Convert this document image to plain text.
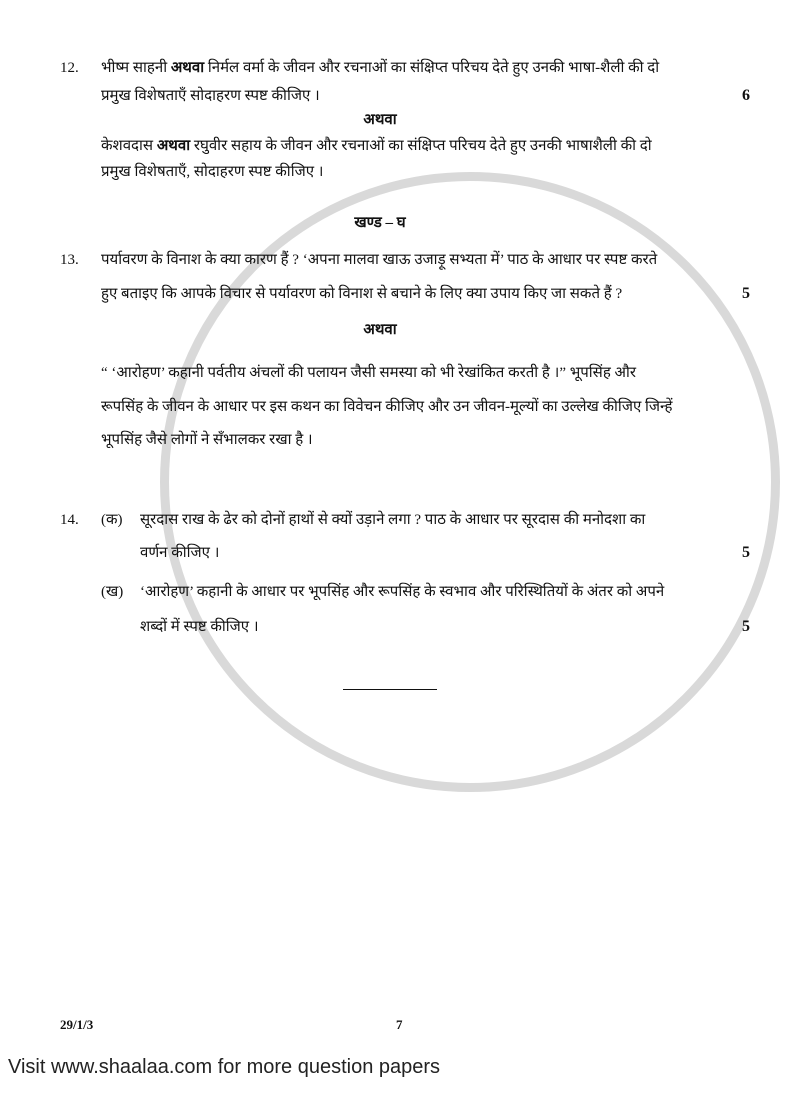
12.	भीष्म साहनी अथवा निर्मल वर्मा के जीवन और रचनाओं का संक्षिप्त परिचय देते हुए उनकी भाषा-शैली की दो
प्रमुख विशेषताएँ सोदाहरण स्पष्ट कीजिए ।	6
अथवा
केशवदास अथवा रघुवीर सहाय के जीवन और रचनाओं का संक्षिप्त परिचय देते हुए उनकी भाषाशैली की दो
प्रमुख विशेषताएँ, सोदाहरण स्पष्ट कीजिए ।
खण्ड – घ
13.	पर्यावरण के विनाश के क्या कारण हैं ? ‘अपना मालवा खाऊ उजाड़ू सभ्यता में’ पाठ के आधार पर स्पष्ट करते
हुए बताइए कि आपके विचार से पर्यावरण को विनाश से बचाने के लिए क्या उपाय किए जा सकते हैं ?	5
अथवा
“ ‘आरोहण’ कहानी पर्वतीय अंचलों की पलायन जैसी समस्या को भी रेखांकित करती है ।” भूपसिंह और
रूपसिंह के जीवन के आधार पर इस कथन का विवेचन कीजिए और उन जीवन-मूल्यों का उल्लेख कीजिए जिन्हें
भूपसिंह जैसे लोगों ने सँभालकर रखा है ।
14.	(क)	सूरदास राख के ढेर को दोनों हाथों से क्यों उड़ाने लगा ? पाठ के आधार पर सूरदास की मनोदशा का
वर्णन कीजिए ।	5
(ख)	‘आरोहण’ कहानी के आधार पर भूपसिंह और रूपसिंह के स्वभाव और परिस्थितियों के अंतर को अपने
शब्दों में स्पष्ट कीजिए ।	5
29/1/3	7
Visit www.shaalaa.com for more question papers
